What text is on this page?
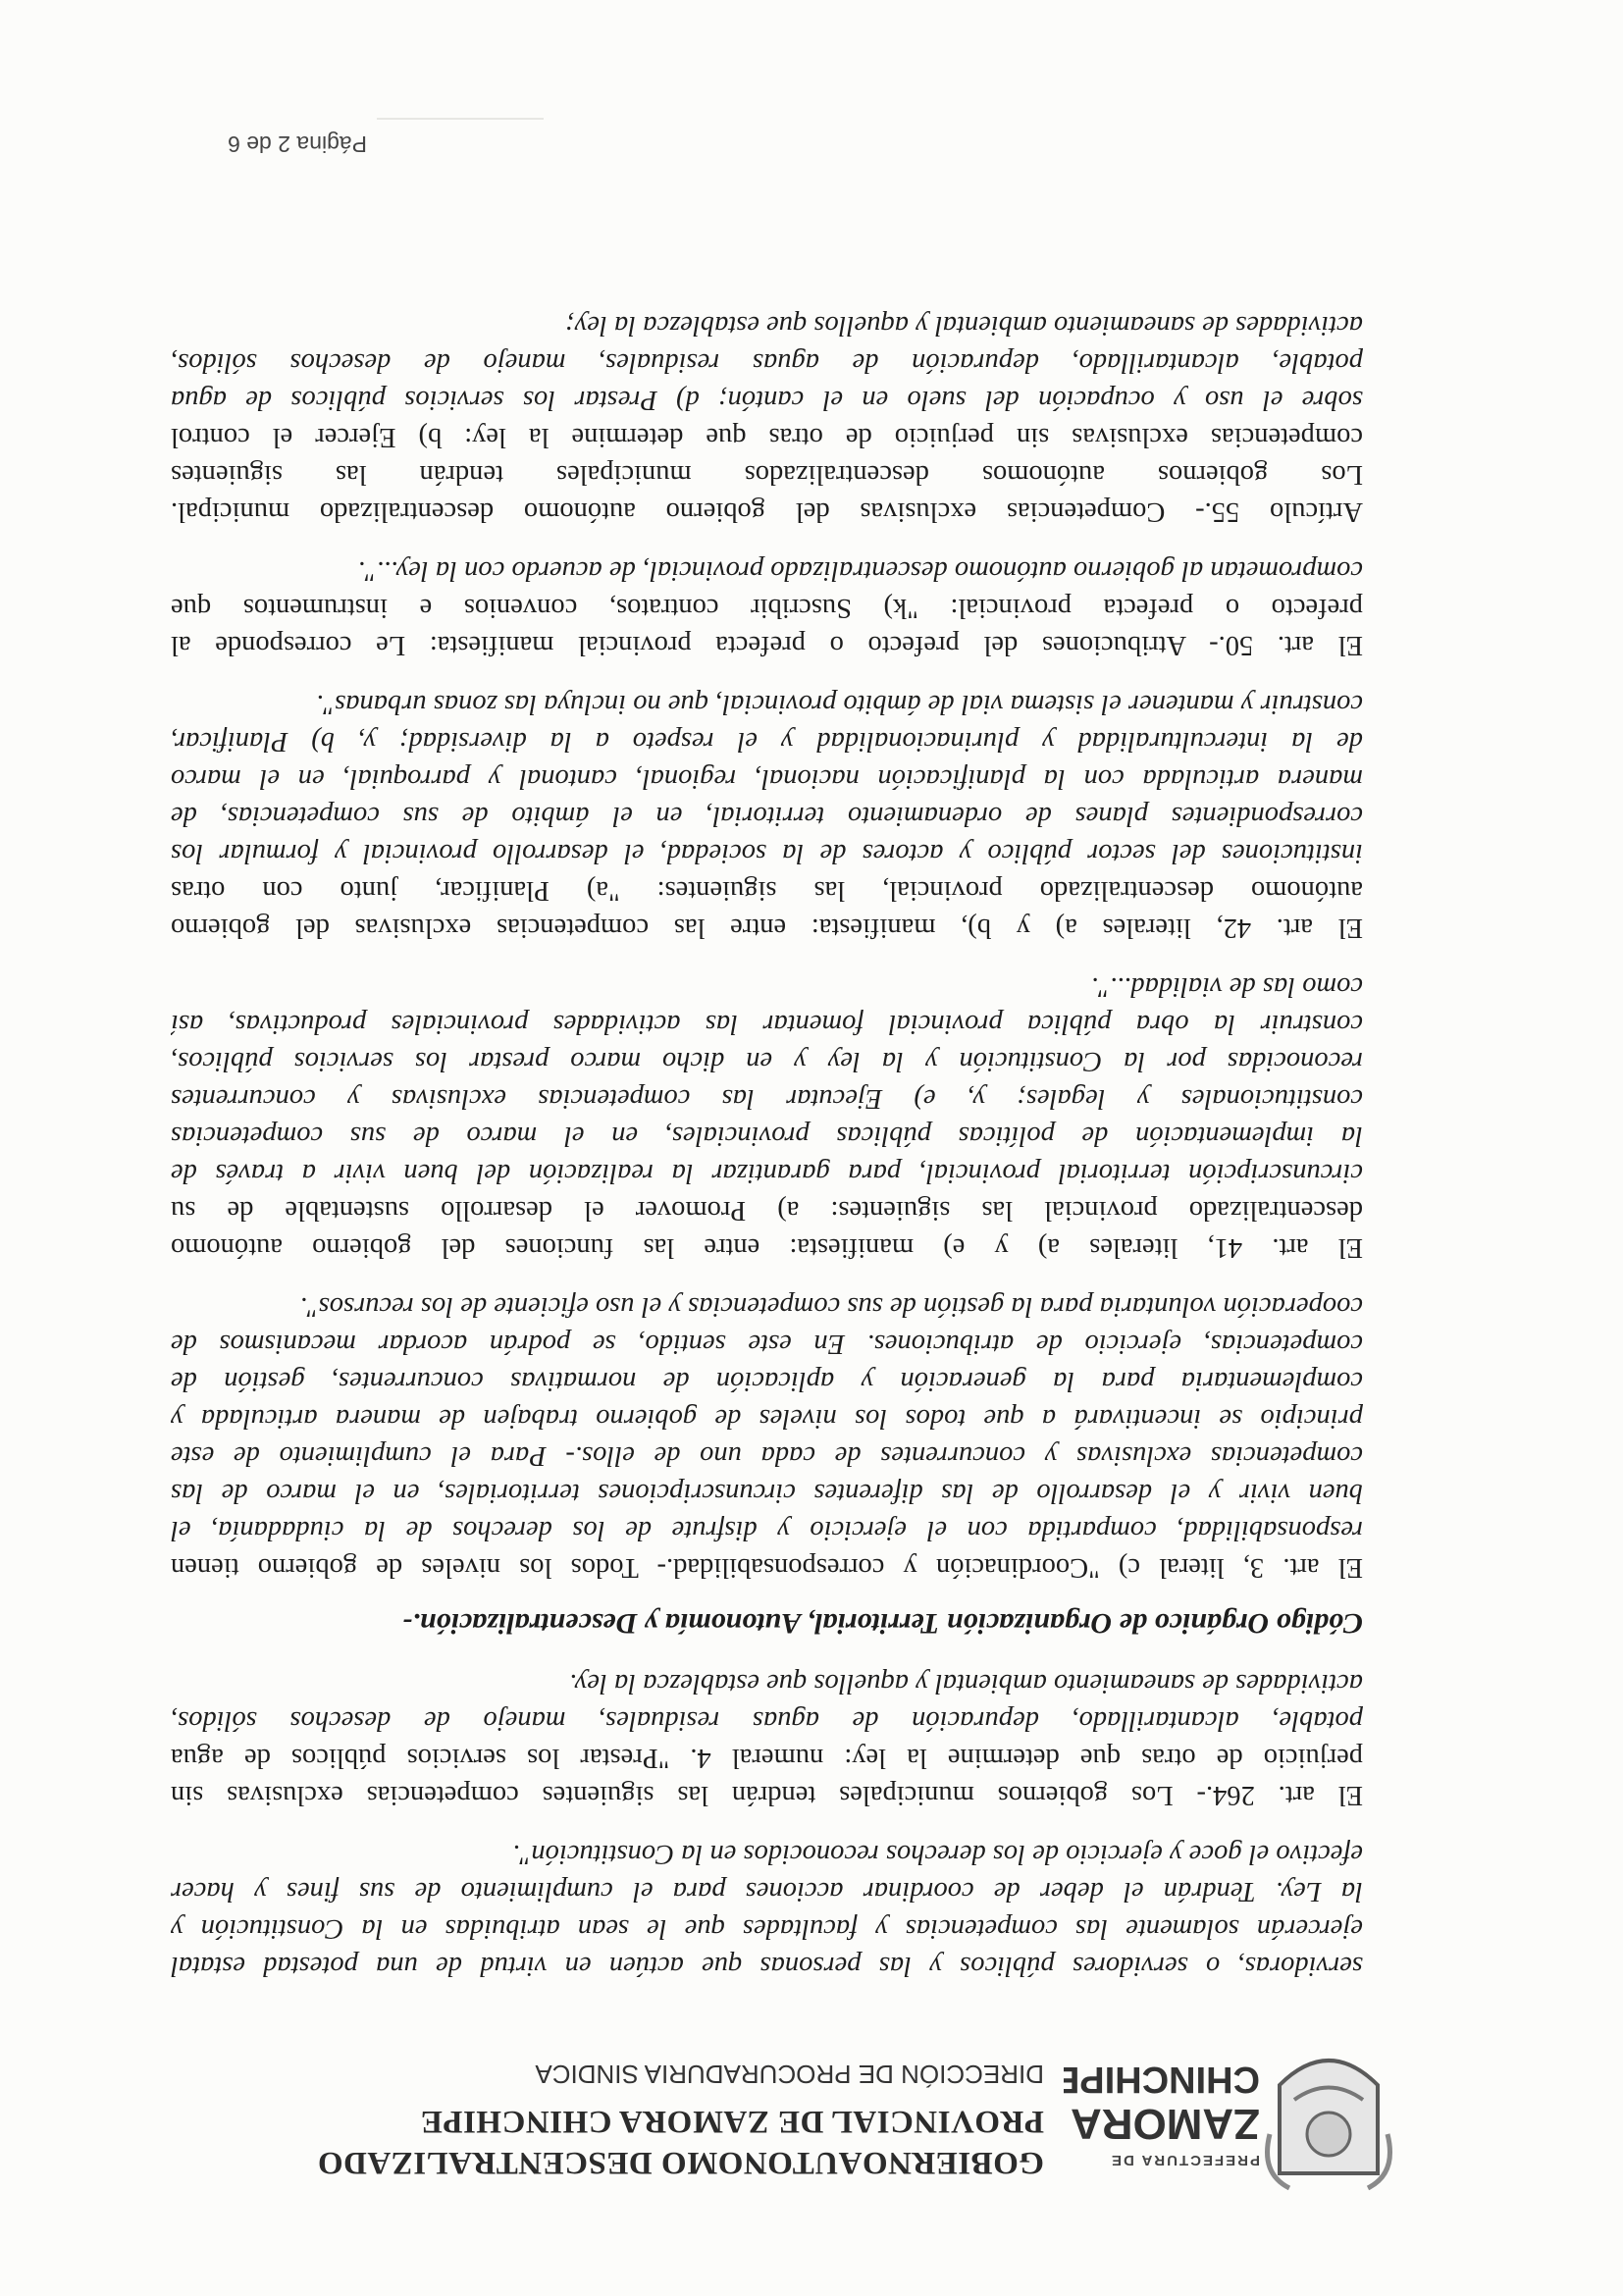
PREFECTURA DE
ZAMORA
CHINCHIPE
GOBIERNOAUTONOMO DESCENTRALIZADO
PROVINCIAL DE ZAMORA CHINCHIPE
DIRECCIÓN DE PROCURADURIA SINDICA
servidoras, o servidores públicos y las personas que actúen en virtud de una potestad estatal
ejercerán solamente las competencias y facultades que le sean atribuidas en la Constitución y
la Ley. Tendrán el deber de coordinar acciones para el cumplimiento de sus fines y hacer
efectivo el goce y ejercicio de los derechos reconocidos en la Constitución".
El art. 264.- Los gobiernos municipales tendrán las siguientes competencias exclusivas sin
perjuicio de otras que determine la ley: numeral 4. "Prestar los servicios públicos de agua
potable, alcantarillado, depuración de aguas residuales, manejo de desechos sólidos,
actividades de saneamiento ambiental y aquellos que establezca la ley.
Código Orgánico de Organización Territorial, Autonomía y Descentralización.-
El art. 3, literal c) "Coordinación y corresponsabilidad.- Todos los niveles de gobierno tienen
responsabilidad, compartida con el ejercicio y disfrute de los derechos de la ciudadanía, el
buen vivir y el desarrollo de las diferentes circunscripciones territoriales, en el marco de las
competencias exclusivas y concurrentes de cada uno de ellos.- Para el cumplimiento de este
principio se incentivará a que todos los niveles de gobierno trabajen de manera articulada y
complementaria para la generación y aplicación de normativas concurrentes, gestión de
competencias, ejercicio de atribuciones. En este sentido, se podrán acordar mecanismos de
cooperación voluntaria para la gestión de sus competencias y el uso eficiente de los recursos".
El art. 41, literales a) y e) manifiesta: entre las funciones del gobierno autónomo
descentralizado provincial las siguientes: a) Promover el desarrollo sustentable de su
circunscripción territorial provincial, para garantizar la realización del buen vivir a través de
la implementación de políticas públicas provinciales, en el marco de sus competencias
constitucionales y legales; y, e) Ejecutar las competencias exclusivas y concurrentes
reconocidas por la Constitución y la ley y en dicho marco prestar los servicios públicos,
construir la obra pública provincial fomentar las actividades provinciales productivas, así
como las de vialidad...".
El art. 42, literales a) y b), manifiesta: entre las competencias exclusivas del gobierno
autónomo descentralizado provincial, las siguientes: "a) Planificar, junto con otras
instituciones del sector público y actores de la sociedad, el desarrollo provincial y formular los
correspondientes planes de ordenamiento territorial, en el ámbito de sus competencias, de
manera articulada con la planificación nacional, regional, cantonal y parroquial, en el marco
de la interculturalidad y plurinacionalidad y el respeto a la diversidad; y, b) Planificar,
construir y mantener el sistema vial de ámbito provincial, que no incluya las zonas urbanas".
El art. 50.- Atribuciones del prefecto o prefecta provincial manifiesta: Le corresponde al
prefecto o prefecta provincial: "k) Suscribir contratos, convenios e instrumentos que
comprometan al gobierno autónomo descentralizado provincial, de acuerdo con la ley...".
Artículo 55.- Competencias exclusivas del gobierno autónomo descentralizado municipal.
Los gobiernos autónomos descentralizados municipales tendrán las siguientes
competencias exclusivas sin perjuicio de otras que determine la ley: b) Ejercer el control
sobre el uso y ocupación del suelo en el cantón; d) Prestar los servicios públicos de agua
potable, alcantarillado, depuración de aguas residuales, manejo de desechos sólidos,
actividades de saneamiento ambiental y aquellos que establezca la ley;
Página 2 de 6
